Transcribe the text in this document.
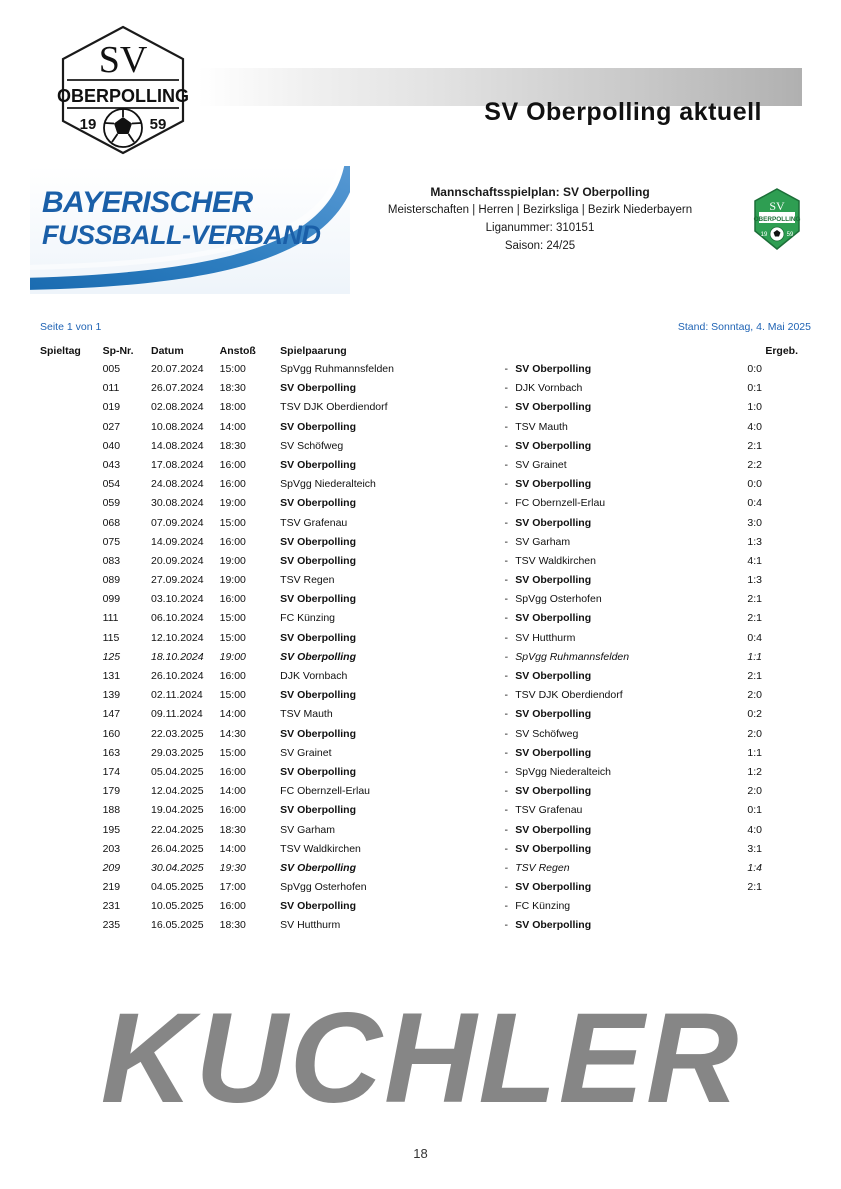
SV
OBERPOLLING
19	59	SV Oberpolling aktuell
BAYERISCHER
FUSSBALL-VERBAND
Mannschaftsspielplan: SV Oberpolling
Meisterschaften | Herren | Bezirksliga | Bezirk Niederbayern
Liganummer: 310151
Saison: 24/25
SV
OBERPOLLING
19	59
Seite 1 von 1	Stand: Sonntag, 4. Mai 2025
Spieltag	Sp-Nr.	Datum	Anstoß	Spielpaarung			Ergeb.
	005	20.07.2024	15:00	SpVgg Ruhmannsfelden	-	SV Oberpolling	0:0
	011	26.07.2024	18:30	SV Oberpolling	-	DJK Vornbach	0:1
	019	02.08.2024	18:00	TSV DJK Oberdiendorf	-	SV Oberpolling	1:0
	027	10.08.2024	14:00	SV Oberpolling	-	TSV Mauth	4:0
	040	14.08.2024	18:30	SV Schöfweg	-	SV Oberpolling	2:1
	043	17.08.2024	16:00	SV Oberpolling	-	SV Grainet	2:2
	054	24.08.2024	16:00	SpVgg Niederalteich	-	SV Oberpolling	0:0
	059	30.08.2024	19:00	SV Oberpolling	-	FC Obernzell-Erlau	0:4
	068	07.09.2024	15:00	TSV Grafenau	-	SV Oberpolling	3:0
	075	14.09.2024	16:00	SV Oberpolling	-	SV Garham	1:3
	083	20.09.2024	19:00	SV Oberpolling	-	TSV Waldkirchen	4:1
	089	27.09.2024	19:00	TSV Regen	-	SV Oberpolling	1:3
	099	03.10.2024	16:00	SV Oberpolling	-	SpVgg Osterhofen	2:1
	111	06.10.2024	15:00	FC Künzing	-	SV Oberpolling	2:1
	115	12.10.2024	15:00	SV Oberpolling	-	SV Hutthurm	0:4
	125	18.10.2024	19:00	SV Oberpolling	-	SpVgg Ruhmannsfelden	1:1
	131	26.10.2024	16:00	DJK Vornbach	-	SV Oberpolling	2:1
	139	02.11.2024	15:00	SV Oberpolling	-	TSV DJK Oberdiendorf	2:0
	147	09.11.2024	14:00	TSV Mauth	-	SV Oberpolling	0:2
	160	22.03.2025	14:30	SV Oberpolling	-	SV Schöfweg	2:0
	163	29.03.2025	15:00	SV Grainet	-	SV Oberpolling	1:1
	174	05.04.2025	16:00	SV Oberpolling	-	SpVgg Niederalteich	1:2
	179	12.04.2025	14:00	FC Obernzell-Erlau	-	SV Oberpolling	2:0
	188	19.04.2025	16:00	SV Oberpolling	-	TSV Grafenau	0:1
	195	22.04.2025	18:30	SV Garham	-	SV Oberpolling	4:0
	203	26.04.2025	14:00	TSV Waldkirchen	-	SV Oberpolling	3:1
	209	30.04.2025	19:30	SV Oberpolling	-	TSV Regen	1:4
	219	04.05.2025	17:00	SpVgg Osterhofen	-	SV Oberpolling	2:1
	231	10.05.2025	16:00	SV Oberpolling	-	FC Künzing	
	235	16.05.2025	18:30	SV Hutthurm	-	SV Oberpolling	
KUCHLER
18
